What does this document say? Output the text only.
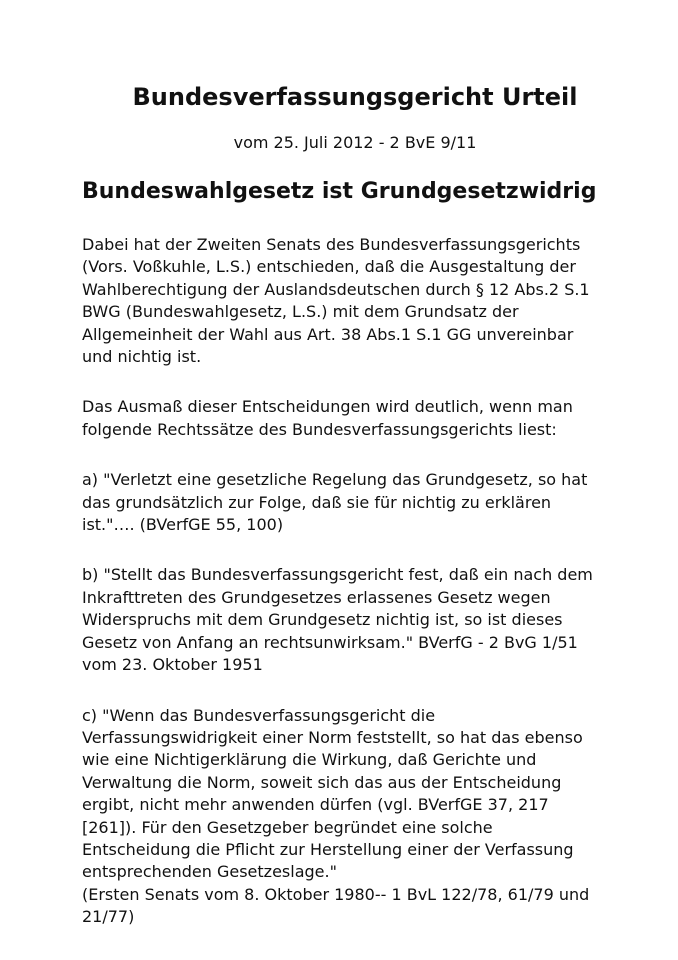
Bundesverfassungsgericht Urteil

vom 25. Juli 2012 - 2 BvE 9/11

Bundeswahlgesetz ist Grundgesetzwidrig

Dabei hat der Zweiten Senats des Bundesverfassungsgerichts
(Vors. Voßkuhle, L.S.) entschieden, daß die Ausgestaltung der
Wahlberechtigung der Auslandsdeutschen durch § 12 Abs.2 S.1
BWG (Bundeswahlgesetz, L.S.) mit dem Grundsatz der
Allgemeinheit der Wahl aus Art. 38 Abs.1 S.1 GG unvereinbar
und nichtig ist.

Das Ausmaß dieser Entscheidungen wird deutlich, wenn man
folgende Rechtssätze des Bundesverfassungsgerichts liest:

a) "Verletzt eine gesetzliche Regelung das Grundgesetz, so hat
das grundsätzlich zur Folge, daß sie für nichtig zu erklären
ist."…. (BVerfGE 55, 100)

b) "Stellt das Bundesverfassungsgericht fest, daß ein nach dem
Inkrafttreten des Grundgesetzes erlassenes Gesetz wegen
Widerspruchs mit dem Grundgesetz nichtig ist, so ist dieses
Gesetz von Anfang an rechtsunwirksam." BVerfG - 2 BvG 1/51
vom 23. Oktober 1951

c) "Wenn das Bundesverfassungsgericht die
Verfassungswidrigkeit einer Norm feststellt, so hat das ebenso
wie eine Nichtigerklärung die Wirkung, daß Gerichte und
Verwaltung die Norm, soweit sich das aus der Entscheidung
ergibt, nicht mehr anwenden dürfen (vgl. BVerfGE 37, 217
[261]). Für den Gesetzgeber begründet eine solche
Entscheidung die Pflicht zur Herstellung einer der Verfassung
entsprechenden Gesetzeslage."
(Ersten Senats vom 8. Oktober 1980-- 1 BvL 122/78, 61/79 und
21/77)
